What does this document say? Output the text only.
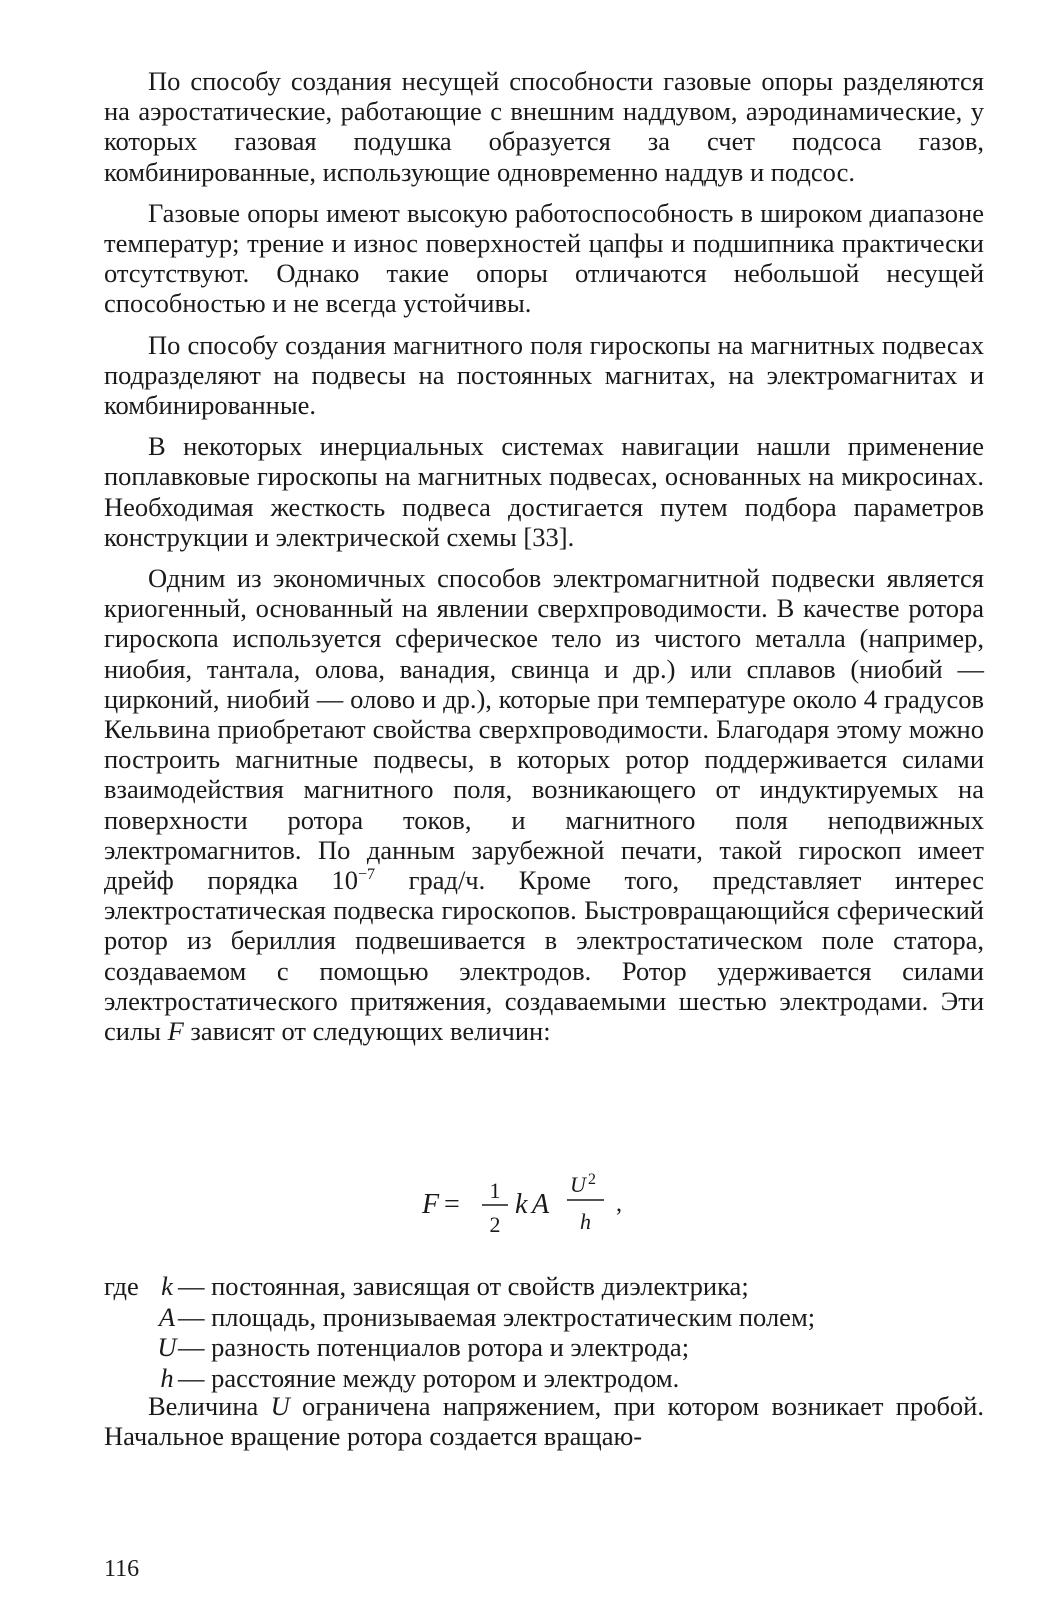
По способу создания несущей способности газовые опоры разделяются на аэростатические, работающие с внешним наддувом, аэродинамические, у которых газовая подушка образуется за счет подсоса газов, комбинированные, использующие одновременно наддув и подсос.

Газовые опоры имеют высокую работоспособность в широком диапазоне температур; трение и износ поверхностей цапфы и подшипника практически отсутствуют. Однако такие опоры отличаются небольшой несущей способностью и не всегда устойчивы.

По способу создания магнитного поля гироскопы на магнитных подвесах подразделяют на подвесы на постоянных магнитах, на электромагнитах и комбинированные.

В некоторых инерциальных системах навигации нашли применение поплавковые гироскопы на магнитных подвесах, основанных на микросинах. Необходимая жесткость подвеса достигается путем подбора параметров конструкции и электрической схемы [33].

Одним из экономичных способов электромагнитной подвески является криогенный, основанный на явлении сверхпроводимости. В качестве ротора гироскопа используется сферическое тело из чистого металла (например, ниобия, тантала, олова, ванадия, свинца и др.) или сплавов (ниобий — цирконий, ниобий — олово и др.), которые при температуре около 4 градусов Кельвина приобретают свойства сверхпроводимости. Благодаря этому можно построить магнитные подвесы, в которых ротор поддерживается силами взаимодействия магнитного поля, возникающего от индуктируемых на поверхности ротора токов, и магнитного поля неподвижных электромагнитов. По данным зарубежной печати, такой гироскоп имеет дрейф порядка $10^{-7}$ град/ч. Кроме того, представляет интерес электростатическая подвеска гироскопов. Быстровращающийся сферический ротор из бериллия подвешивается в электростатическом поле статора, создаваемом с помощью электродов. Ротор удерживается силами электростатического притяжения, создаваемыми шестью электродами. Эти силы F зависят от следующих величин:

F = 1
2
k A
U 2
h
,
где k — постоянная, зависящая от свойств диэлектрика;
A — площадь, пронизываемая электростатическим полем;
U — разность потенциалов ротора и электрода;
h — расстояние между ротором и электродом.

Величина U ограничена напряжением, при котором возникает пробой. Начальное вращение ротора создается вращаю-

116
